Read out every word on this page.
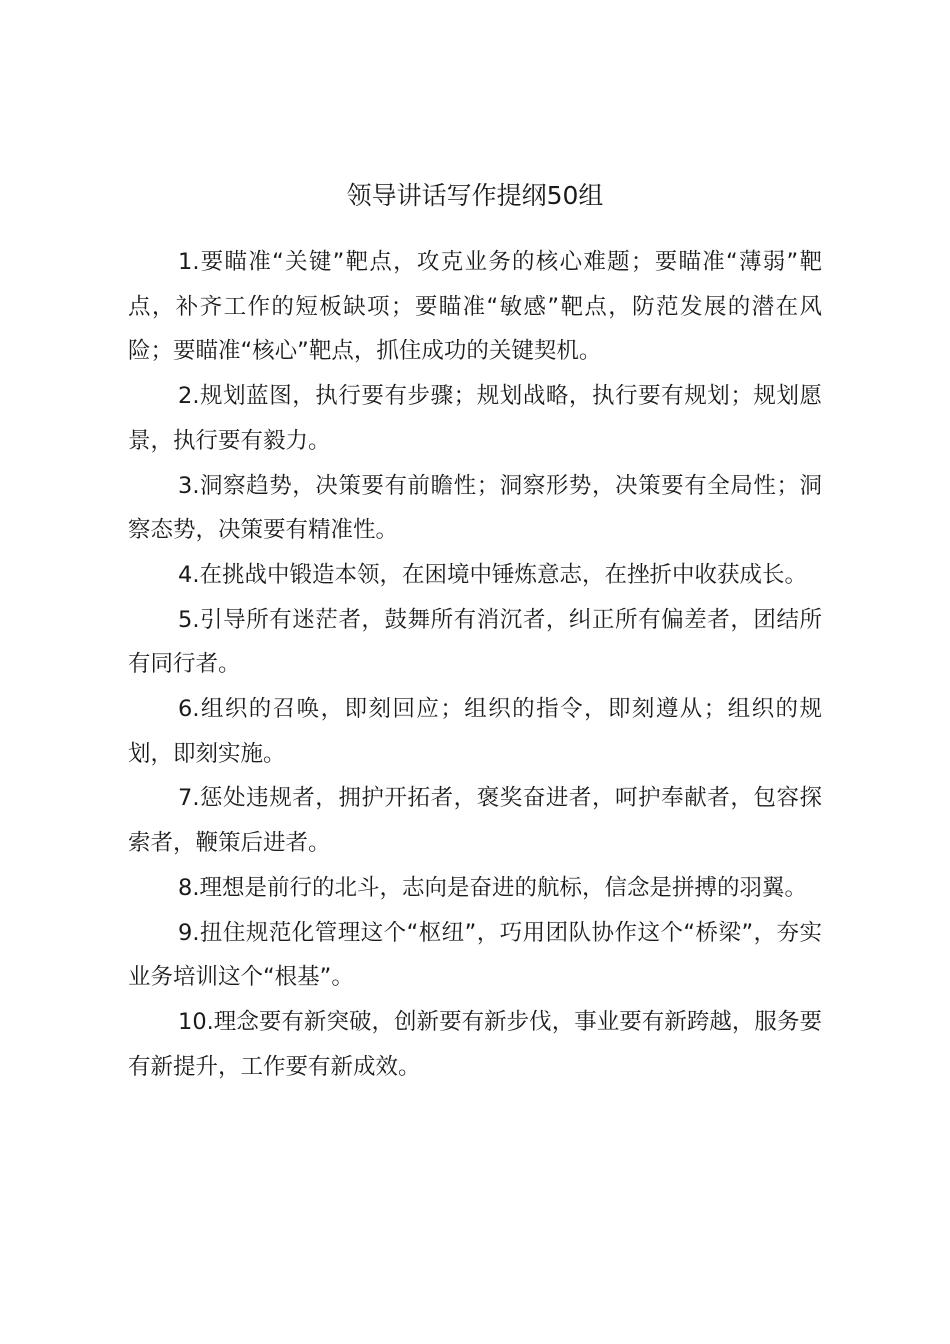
领导讲话写作提纲50组

1.要瞄准“关键”靶点，攻克业务的核心难题；要瞄准“薄弱”靶点，补齐工作的短板缺项；要瞄准“敏感”靶点，防范发展的潜在风险；要瞄准“核心”靶点，抓住成功的关键契机。

2.规划蓝图，执行要有步骤；规划战略，执行要有规划；规划愿景，执行要有毅力。

3.洞察趋势，决策要有前瞻性；洞察形势，决策要有全局性；洞察态势，决策要有精准性。

4.在挑战中锻造本领，在困境中锤炼意志，在挫折中收获成长。

5.引导所有迷茫者，鼓舞所有消沉者，纠正所有偏差者，团结所有同行者。

6.组织的召唤，即刻回应；组织的指令，即刻遵从；组织的规划，即刻实施。

7.惩处违规者，拥护开拓者，褒奖奋进者，呵护奉献者，包容探索者，鞭策后进者。

8.理想是前行的北斗，志向是奋进的航标，信念是拼搏的羽翼。

9.扭住规范化管理这个“枢纽”，巧用团队协作这个“桥梁”，夯实业务培训这个“根基”。

10.理念要有新突破，创新要有新步伐，事业要有新跨越，服务要有新提升，工作要有新成效。
